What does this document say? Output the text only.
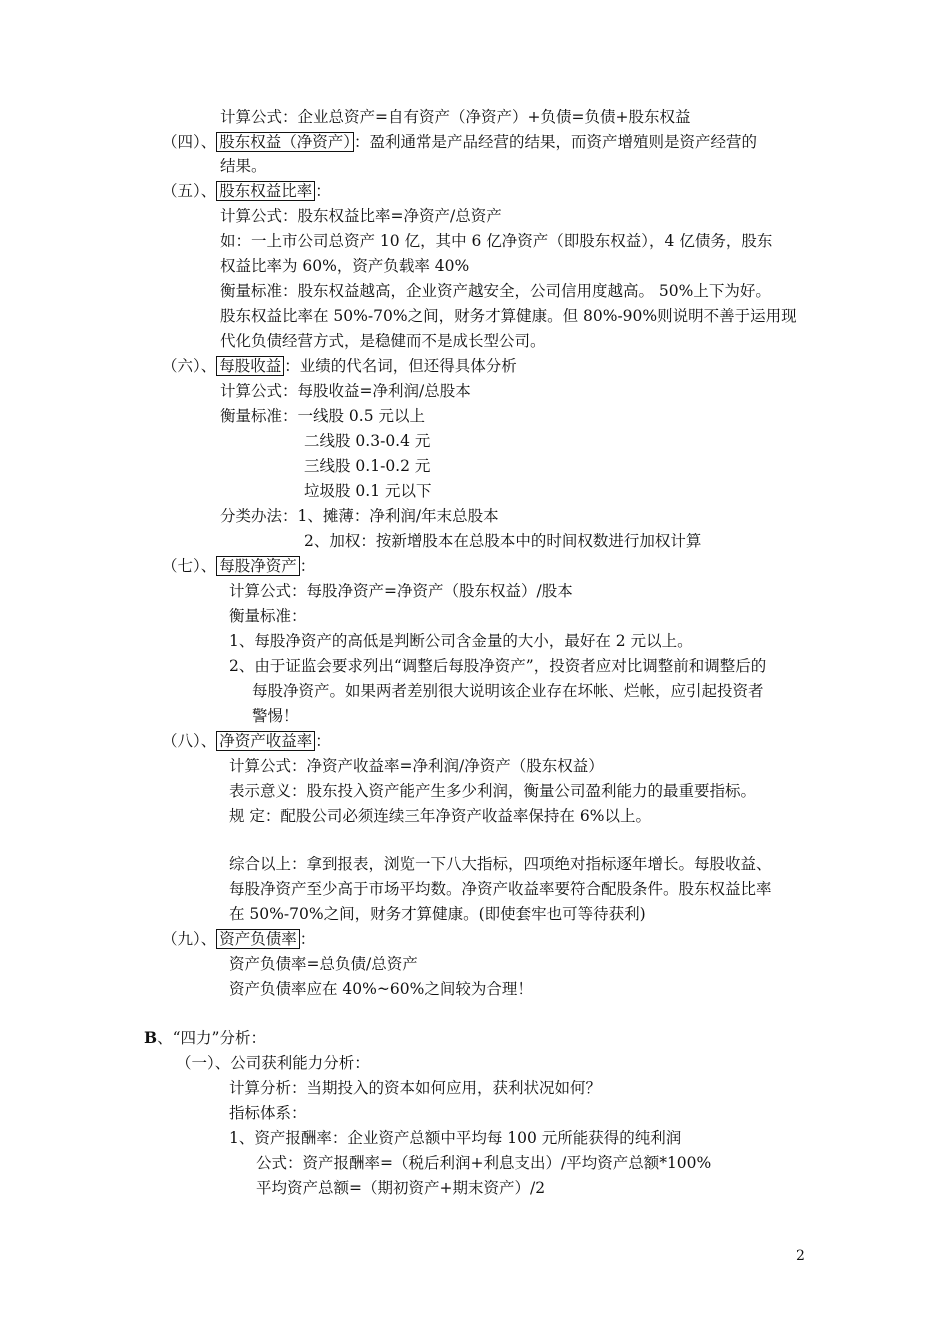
计算公式：企业总资产=自有资产（净资产）+负债=负债+股东权益
（四）、 股东权益（净资产） ：盈利通常是产品经营的结果，而资产增殖则是资产经营的
结果。
（五）、 股东权益比率 ：
计算公式：股东权益比率=净资产/总资产
如：一上市公司总资产 10 亿，其中 6 亿净资产（即股东权益），4 亿债务，股东
权益比率为 60%，资产负载率 40%
衡量标准：股东权益越高，企业资产越安全，公司信用度越高。 50%上下为好。
股东权益比率在 50%-70%之间，财务才算健康。但 80%-90%则说明不善于运用现
代化负债经营方式，是稳健而不是成长型公司。
（六）、 每股收益 ：业绩的代名词，但还得具体分析
计算公式：每股收益=净利润/总股本
衡量标准：一线股 0.5 元以上
二线股 0.3-0.4 元
三线股 0.1-0.2 元
垃圾股 0.1 元以下
分类办法：1、摊薄：净利润/年末总股本
2、加权：按新增股本在总股本中的时间权数进行加权计算
（七）、 每股净资产 ：
计算公式：每股净资产=净资产（股东权益）/股本
衡量标准：
1、每股净资产的高低是判断公司含金量的大小，最好在 2 元以上。
2、由于证监会要求列出“调整后每股净资产”，投资者应对比调整前和调整后的
每股净资产。如果两者差别很大说明该企业存在坏帐、烂帐，应引起投资者
警惕！
（八）、 净资产收益率 ：
计算公式：净资产收益率=净利润/净资产（股东权益）
表示意义：股东投入资产能产生多少利润，衡量公司盈利能力的最重要指标。
规 定：配股公司必须连续三年净资产收益率保持在 6%以上。
综合以上：拿到报表，浏览一下八大指标，四项绝对指标逐年增长。每股收益、
每股净资产至少高于市场平均数。净资产收益率要符合配股条件。股东权益比率
在 50%-70%之间，财务才算健康。(即使套牢也可等待获利)
（九）、 资产负债率 ：
资产负债率=总负债/总资产
资产负债率应在 40%~60%之间较为合理！
B、“四力”分析：
（一）、公司获利能力分析：
计算分析：当期投入的资本如何应用，获利状况如何？
指标体系：
1、资产报酬率：企业资产总额中平均每 100 元所能获得的纯利润
公式：资产报酬率=（税后利润+利息支出）/平均资产总额*100%
平均资产总额=（期初资产+期末资产）/2
2
